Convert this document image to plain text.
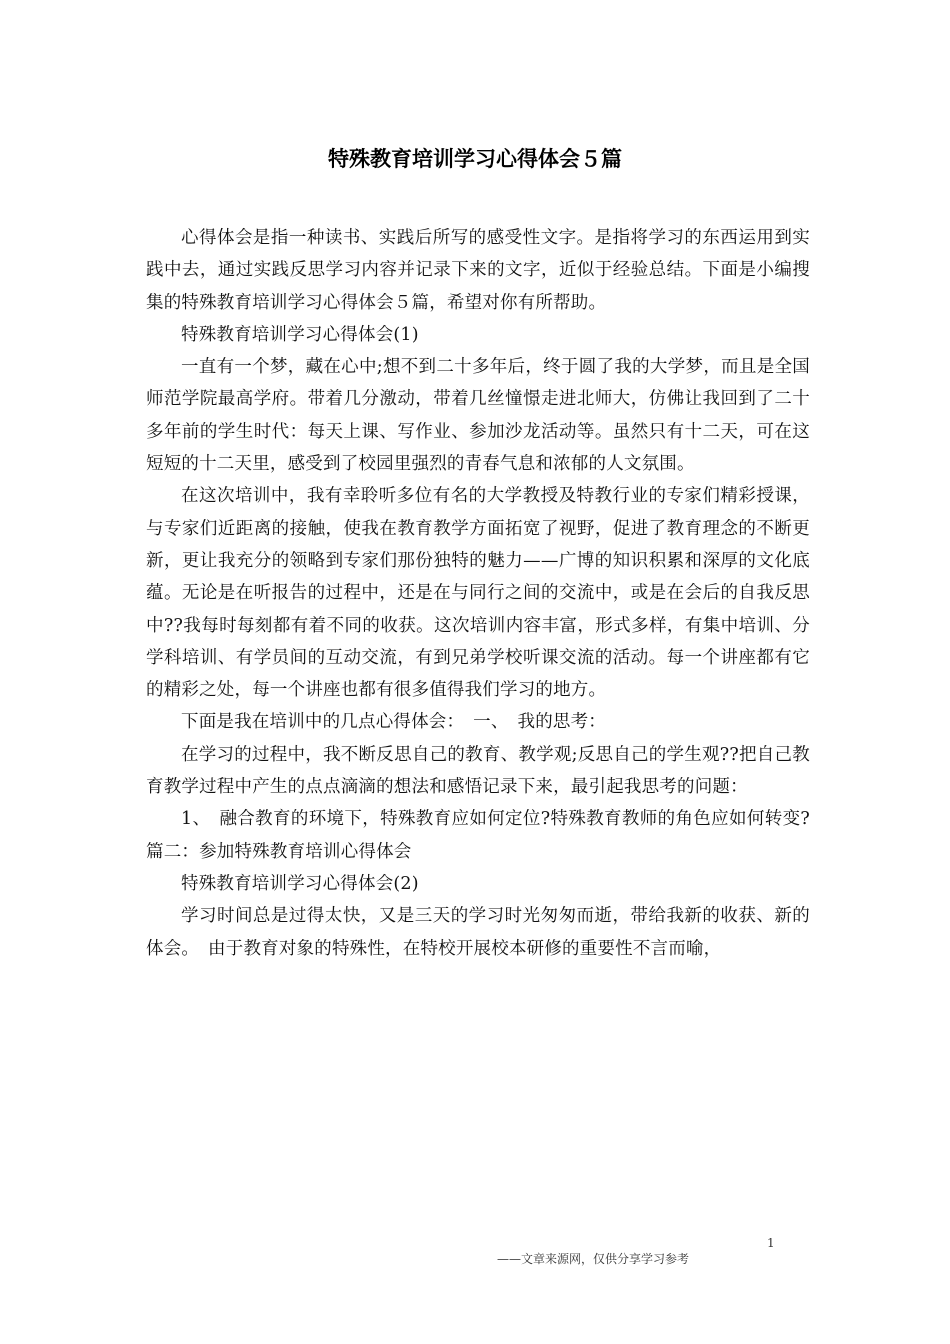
特殊教育培训学习心得体会５篇

心得体会是指一种读书、实践后所写的感受性文字。是指将学习的东西运用到实践中去，通过实践反思学习内容并记录下来的文字，近似于经验总结。下面是小编搜集的特殊教育培训学习心得体会５篇，希望对你有所帮助。

特殊教育培训学习心得体会(1)

一直有一个梦，藏在心中;想不到二十多年后，终于圆了我的大学梦，而且是全国师范学院最高学府。带着几分激动，带着几丝憧憬走进北师大，仿佛让我回到了二十多年前的学生时代：每天上课、写作业、参加沙龙活动等。虽然只有十二天，可在这短短的十二天里，感受到了校园里强烈的青春气息和浓郁的人文氛围。

在这次培训中，我有幸聆听多位有名的大学教授及特教行业的专家们精彩授课，与专家们近距离的接触，使我在教育教学方面拓宽了视野，促进了教育理念的不断更新，更让我充分的领略到专家们那份独特的魅力——广博的知识积累和深厚的文化底蕴。无论是在听报告的过程中，还是在与同行之间的交流中，或是在会后的自我反思中??我每时每刻都有着不同的收获。这次培训内容丰富，形式多样，有集中培训、分学科培训、有学员间的互动交流，有到兄弟学校听课交流的活动。每一个讲座都有它的精彩之处，每一个讲座也都有很多值得我们学习的地方。

下面是我在培训中的几点心得体会：　一、　我的思考：

在学习的过程中，我不断反思自己的教育、教学观;反思自己的学生观??把自己教育教学过程中产生的点点滴滴的想法和感悟记录下来，最引起我思考的问题：

1、　融合教育的环境下，特殊教育应如何定位?特殊教育教师的角色应如何转变?篇二：参加特殊教育培训心得体会

特殊教育培训学习心得体会(2)

学习时间总是过得太快，又是三天的学习时光匆匆而逝，带给我新的收获、新的体会。　由于教育对象的特殊性，在特校开展校本研修的重要性不言而喻，

1
——文章来源网，仅供分享学习参考
